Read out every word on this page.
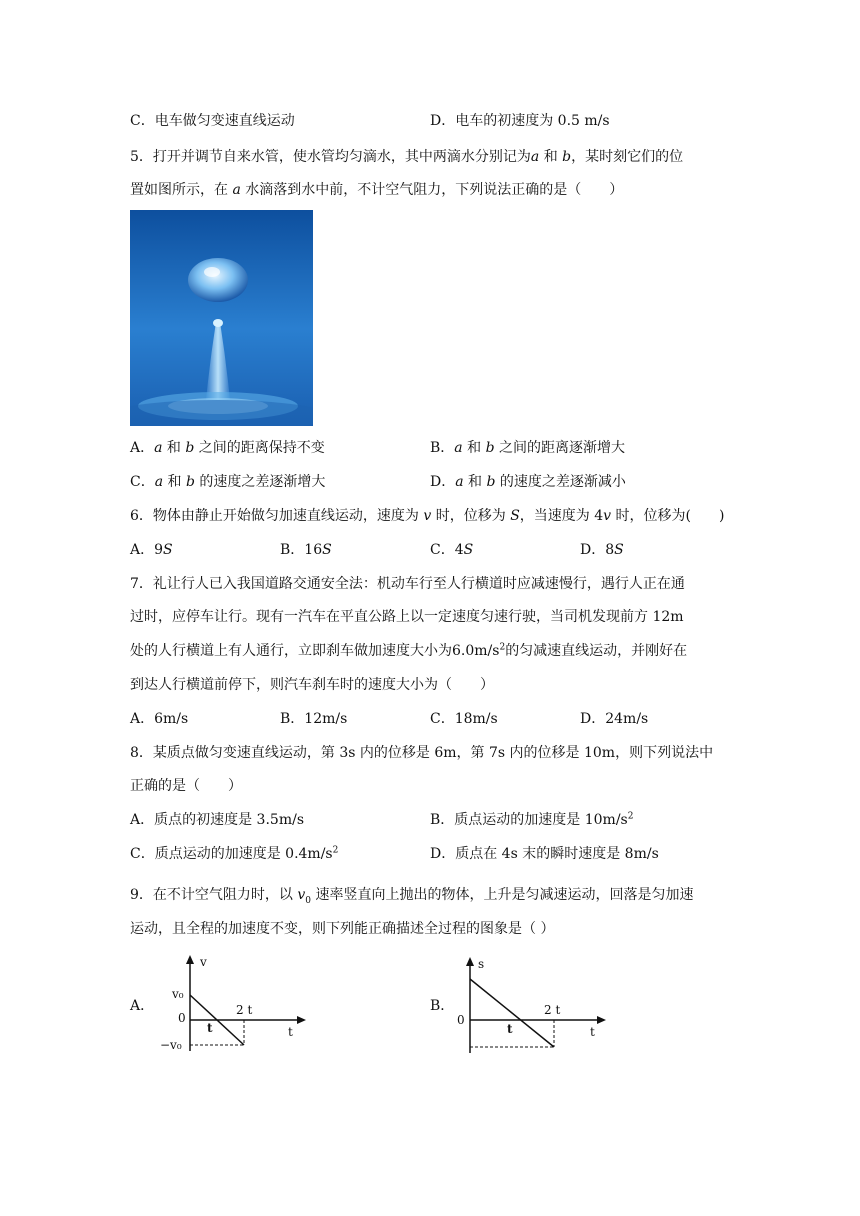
C．电车做匀变速直线运动	D．电车的初速度为 0.5 m/s
5．打开并调节自来水管，使水管均匀滴水，其中两滴水分别记为a 和 b，某时刻它们的位
置如图所示，在 a 水滴落到水中前，不计空气阻力，下列说法正确的是（　　）
A．a 和 b 之间的距离保持不变	B．a 和 b 之间的距离逐渐增大
C．a 和 b 的速度之差逐渐增大	D．a 和 b 的速度之差逐渐减小
6．物体由静止开始做匀加速直线运动，速度为 v 时，位移为 S，当速度为 4v 时，位移为(　　)
A．9S	B．16S	C．4S	D．8S
7．礼让行人已入我国道路交通安全法：机动车行至人行横道时应减速慢行，遇行人正在通
过时，应停车让行。现有一汽车在平直公路上以一定速度匀速行驶，当司机发现前方 12m
处的人行横道上有人通行，立即刹车做加速度大小为$6.0m/s^2$的匀减速直线运动，并刚好在
到达人行横道前停下，则汽车刹车时的速度大小为（　　）
A．6m/s	B．12m/s	C．18m/s	D．24m/s
8．某质点做匀变速直线运动，第 3s 内的位移是 6m，第 7s 内的位移是 10m，则下列说法中
正确的是（　　）
A．质点的初速度是 3.5m/s	B．质点运动的加速度是 $10m/s^2$
C．质点运动的加速度是 $0.4m/s^2$	D．质点在 4s 末的瞬时速度是 8m/s
9．在不计空气阻力时，以 $v_0$ 速率竖直向上抛出的物体，上升是匀减速运动，回落是匀加速
运动，且全程的加速度不变，则下列能正确描述全过程的图象是（ ）
A．	B．
v
v₀
0
−v₀
t
2 t
t
s
0
t
2 t
t
